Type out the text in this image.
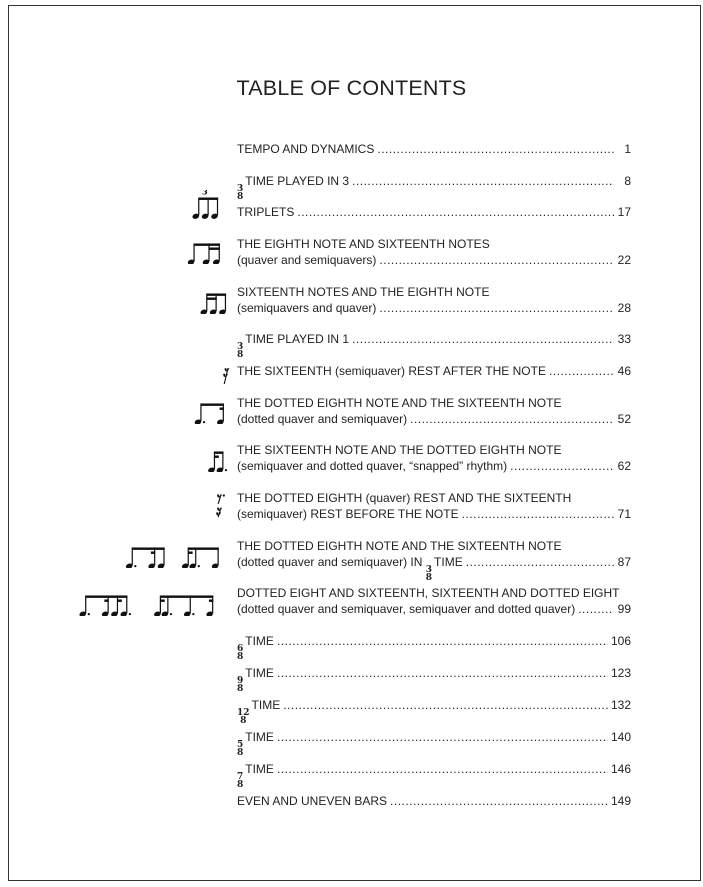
TABLE OF CONTENTS
TEMPO AND DYNAMICS .....	1
3
8
TIME PLAYED IN 3 .....	8
TRIPLETS .....	17
3
THE EIGHTH NOTE AND SIXTEENTH NOTES
(quaver and semiquavers) .....	22
SIXTEENTH NOTES AND THE EIGHTH NOTE
(semiquavers and quaver) .....	28
3
8
TIME PLAYED IN 1 .....	33
THE SIXTEENTH (semiquaver) REST AFTER THE NOTE .....	46
THE DOTTED EIGHTH NOTE AND THE SIXTEENTH NOTE
(dotted quaver and semiquaver) .....	52
THE SIXTEENTH NOTE AND THE DOTTED EIGHTH NOTE
(semiquaver and dotted quaver, “snapped” rhythm) .....	62
THE DOTTED EIGHTH (quaver) REST AND THE SIXTEENTH
(semiquaver) REST BEFORE THE NOTE .....	71
THE DOTTED EIGHTH NOTE AND THE SIXTEENTH NOTE
(dotted quaver and semiquaver) IN
3
8
TIME .....	87
DOTTED EIGHT AND SIXTEENTH, SIXTEENTH AND DOTTED EIGHT
(dotted quaver and semiquaver, semiquaver and dotted quaver) .....	99
6
8
TIME .....	106
9
8
TIME .....	123
12
8
TIME .....	132
5
8
TIME .....	140
7
8
TIME .....	146
EVEN AND UNEVEN BARS .....	149
